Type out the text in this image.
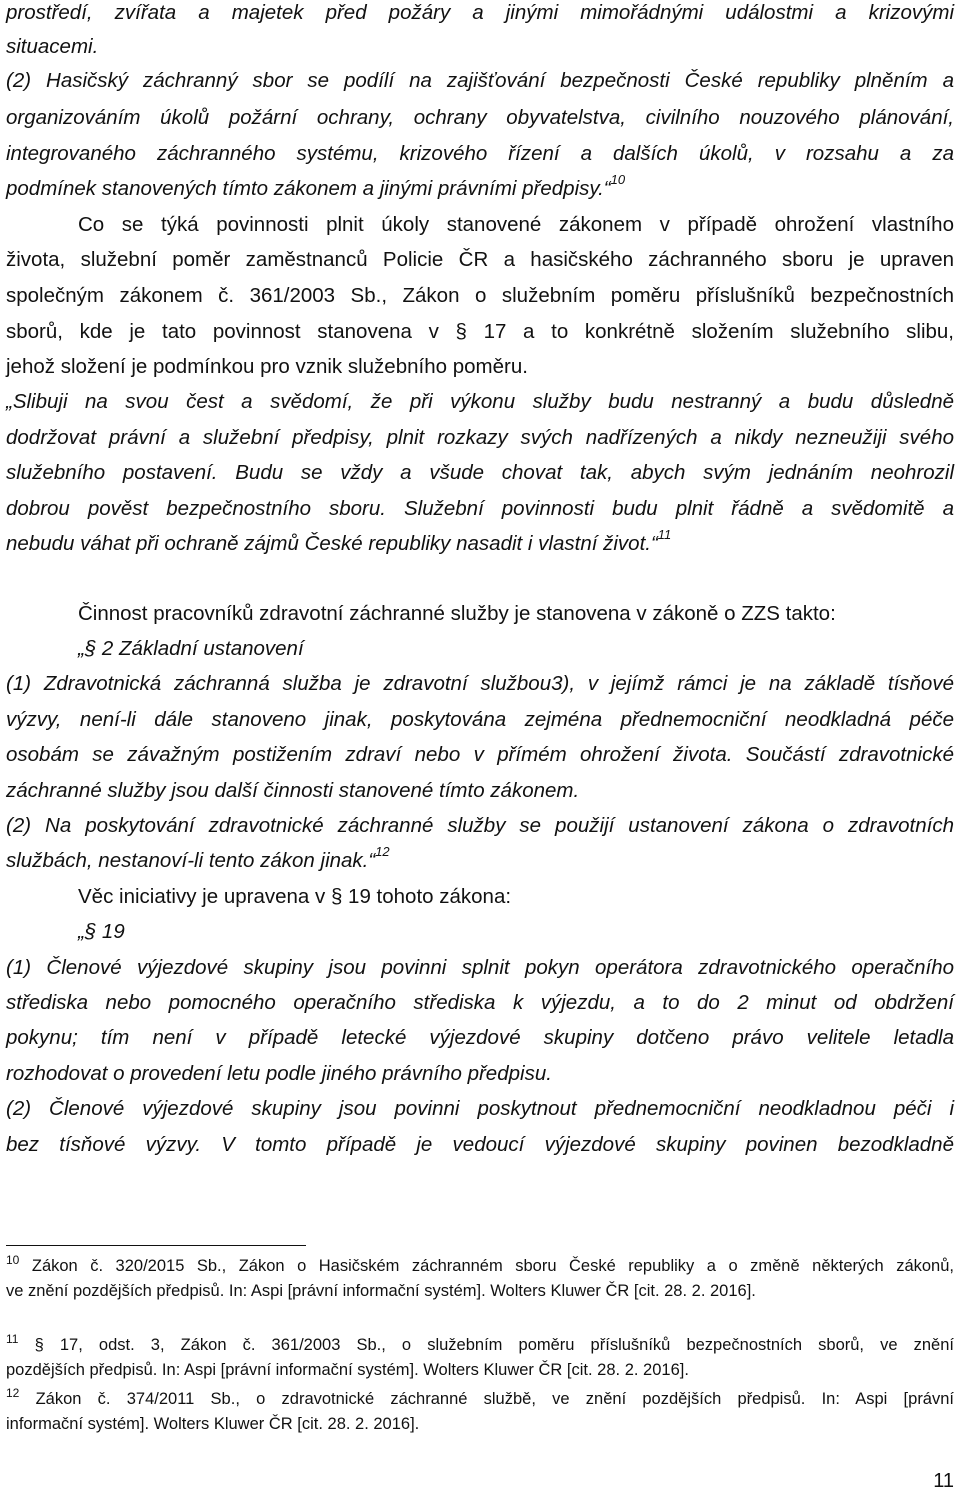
prostředí, zvířata a majetek před požáry a jinými mimořádnými událostmi a krizovými
situacemi.
(2) Hasičský záchranný sbor se podílí na zajišťování bezpečnosti České republiky plněním a
organizováním úkolů požární ochrany, ochrany obyvatelstva, civilního nouzového plánování,
integrovaného záchranného systému, krizového řízení a dalších úkolů, v rozsahu a za
podmínek stanovených tímto zákonem a jinými právními předpisy.“$^{10}$
Co se týká povinnosti plnit úkoly stanovené zákonem v případě ohrožení vlastního
života, služební poměr zaměstnanců Policie ČR a hasičského záchranného sboru je upraven
společným zákonem č. 361/2003 Sb., Zákon o služebním poměru příslušníků bezpečnostních
sborů, kde je tato povinnost stanovena v § 17 a to konkrétně složením služebního slibu,
jehož složení je podmínkou pro vznik služebního poměru.
„Slibuji na svou čest a svědomí, že při výkonu služby budu nestranný a budu důsledně
dodržovat právní a služební předpisy, plnit rozkazy svých nadřízených a nikdy nezneužiji svého
služebního postavení. Budu se vždy a všude chovat tak, abych svým jednáním neohrozil
dobrou pověst bezpečnostního sboru. Služební povinnosti budu plnit řádně a svědomitě a
nebudu váhat při ochraně zájmů České republiky nasadit i vlastní život.“$^{11}$
Činnost pracovníků zdravotní záchranné služby je stanovena v zákoně o ZZS takto:
„§ 2 Základní ustanovení
(1) Zdravotnická záchranná služba je zdravotní službou3), v jejímž rámci je na základě tísňové
výzvy, není-li dále stanoveno jinak, poskytována zejména přednemocniční neodkladná péče
osobám se závažným postižením zdraví nebo v přímém ohrožení života. Součástí zdravotnické
záchranné služby jsou další činnosti stanovené tímto zákonem.
(2) Na poskytování zdravotnické záchranné služby se použijí ustanovení zákona o zdravotních
službách, nestanoví-li tento zákon jinak.“$^{12}$
Věc iniciativy je upravena v § 19 tohoto zákona:
„§ 19
(1) Členové výjezdové skupiny jsou povinni splnit pokyn operátora zdravotnického operačního
střediska nebo pomocného operačního střediska k výjezdu, a to do 2 minut od obdržení
pokynu; tím není v případě letecké výjezdové skupiny dotčeno právo velitele letadla
rozhodovat o provedení letu podle jiného právního předpisu.
(2) Členové výjezdové skupiny jsou povinni poskytnout přednemocniční neodkladnou péči i
bez tísňové výzvy. V tomto případě je vedoucí výjezdové skupiny povinen bezodkladně
$^{10}$ Zákon č. 320/2015 Sb., Zákon o Hasičském záchranném sboru České republiky a o změně některých zákonů,
ve znění pozdějších předpisů. In: Aspi [právní informační systém]. Wolters Kluwer ČR [cit. 28. 2. 2016].
$^{11}$ § 17, odst. 3, Zákon č. 361/2003 Sb., o služebním poměru příslušníků bezpečnostních sborů, ve znění
pozdějších předpisů. In: Aspi [právní informační systém]. Wolters Kluwer ČR [cit. 28. 2. 2016].
$^{12}$ Zákon č. 374/2011 Sb., o zdravotnické záchranné službě, ve znění pozdějších předpisů. In: Aspi [právní
informační systém]. Wolters Kluwer ČR [cit. 28. 2. 2016].
11
